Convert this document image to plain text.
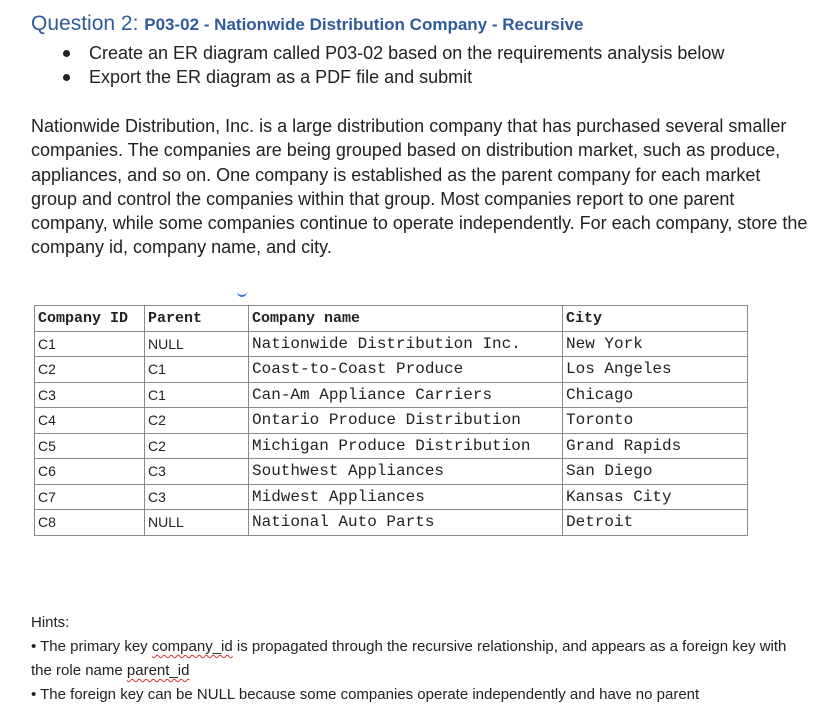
Question 2: P03-02 - Nationwide Distribution Company - Recursive
Create an ER diagram called P03-02 based on the requirements analysis below
Export the ER diagram as a PDF file and submit

Nationwide Distribution, Inc. is a large distribution company that has purchased several smaller companies. The companies are being grouped based on distribution market, such as produce, appliances, and so on. One company is established as the parent company for each market group and control the companies within that group. Most companies report to one parent company, while some companies continue to operate independently. For each company, store the company id, company name, and city.

Company ID	Parent	Company name	City
C1	NULL	Nationwide Distribution Inc.	New York
C2	C1	Coast-to-Coast Produce	Los Angeles
C3	C1	Can-Am Appliance Carriers	Chicago
C4	C2	Ontario Produce Distribution	Toronto
C5	C2	Michigan Produce Distribution	Grand Rapids
C6	C3	Southwest Appliances	San Diego
C7	C3	Midwest Appliances	Kansas City
C8	NULL	National Auto Parts	Detroit

Hints:

• The primary key company_id is propagated through the recursive relationship, and appears as a foreign key with the role name parent_id

• The foreign key can be NULL because some companies operate independently and have no parent
